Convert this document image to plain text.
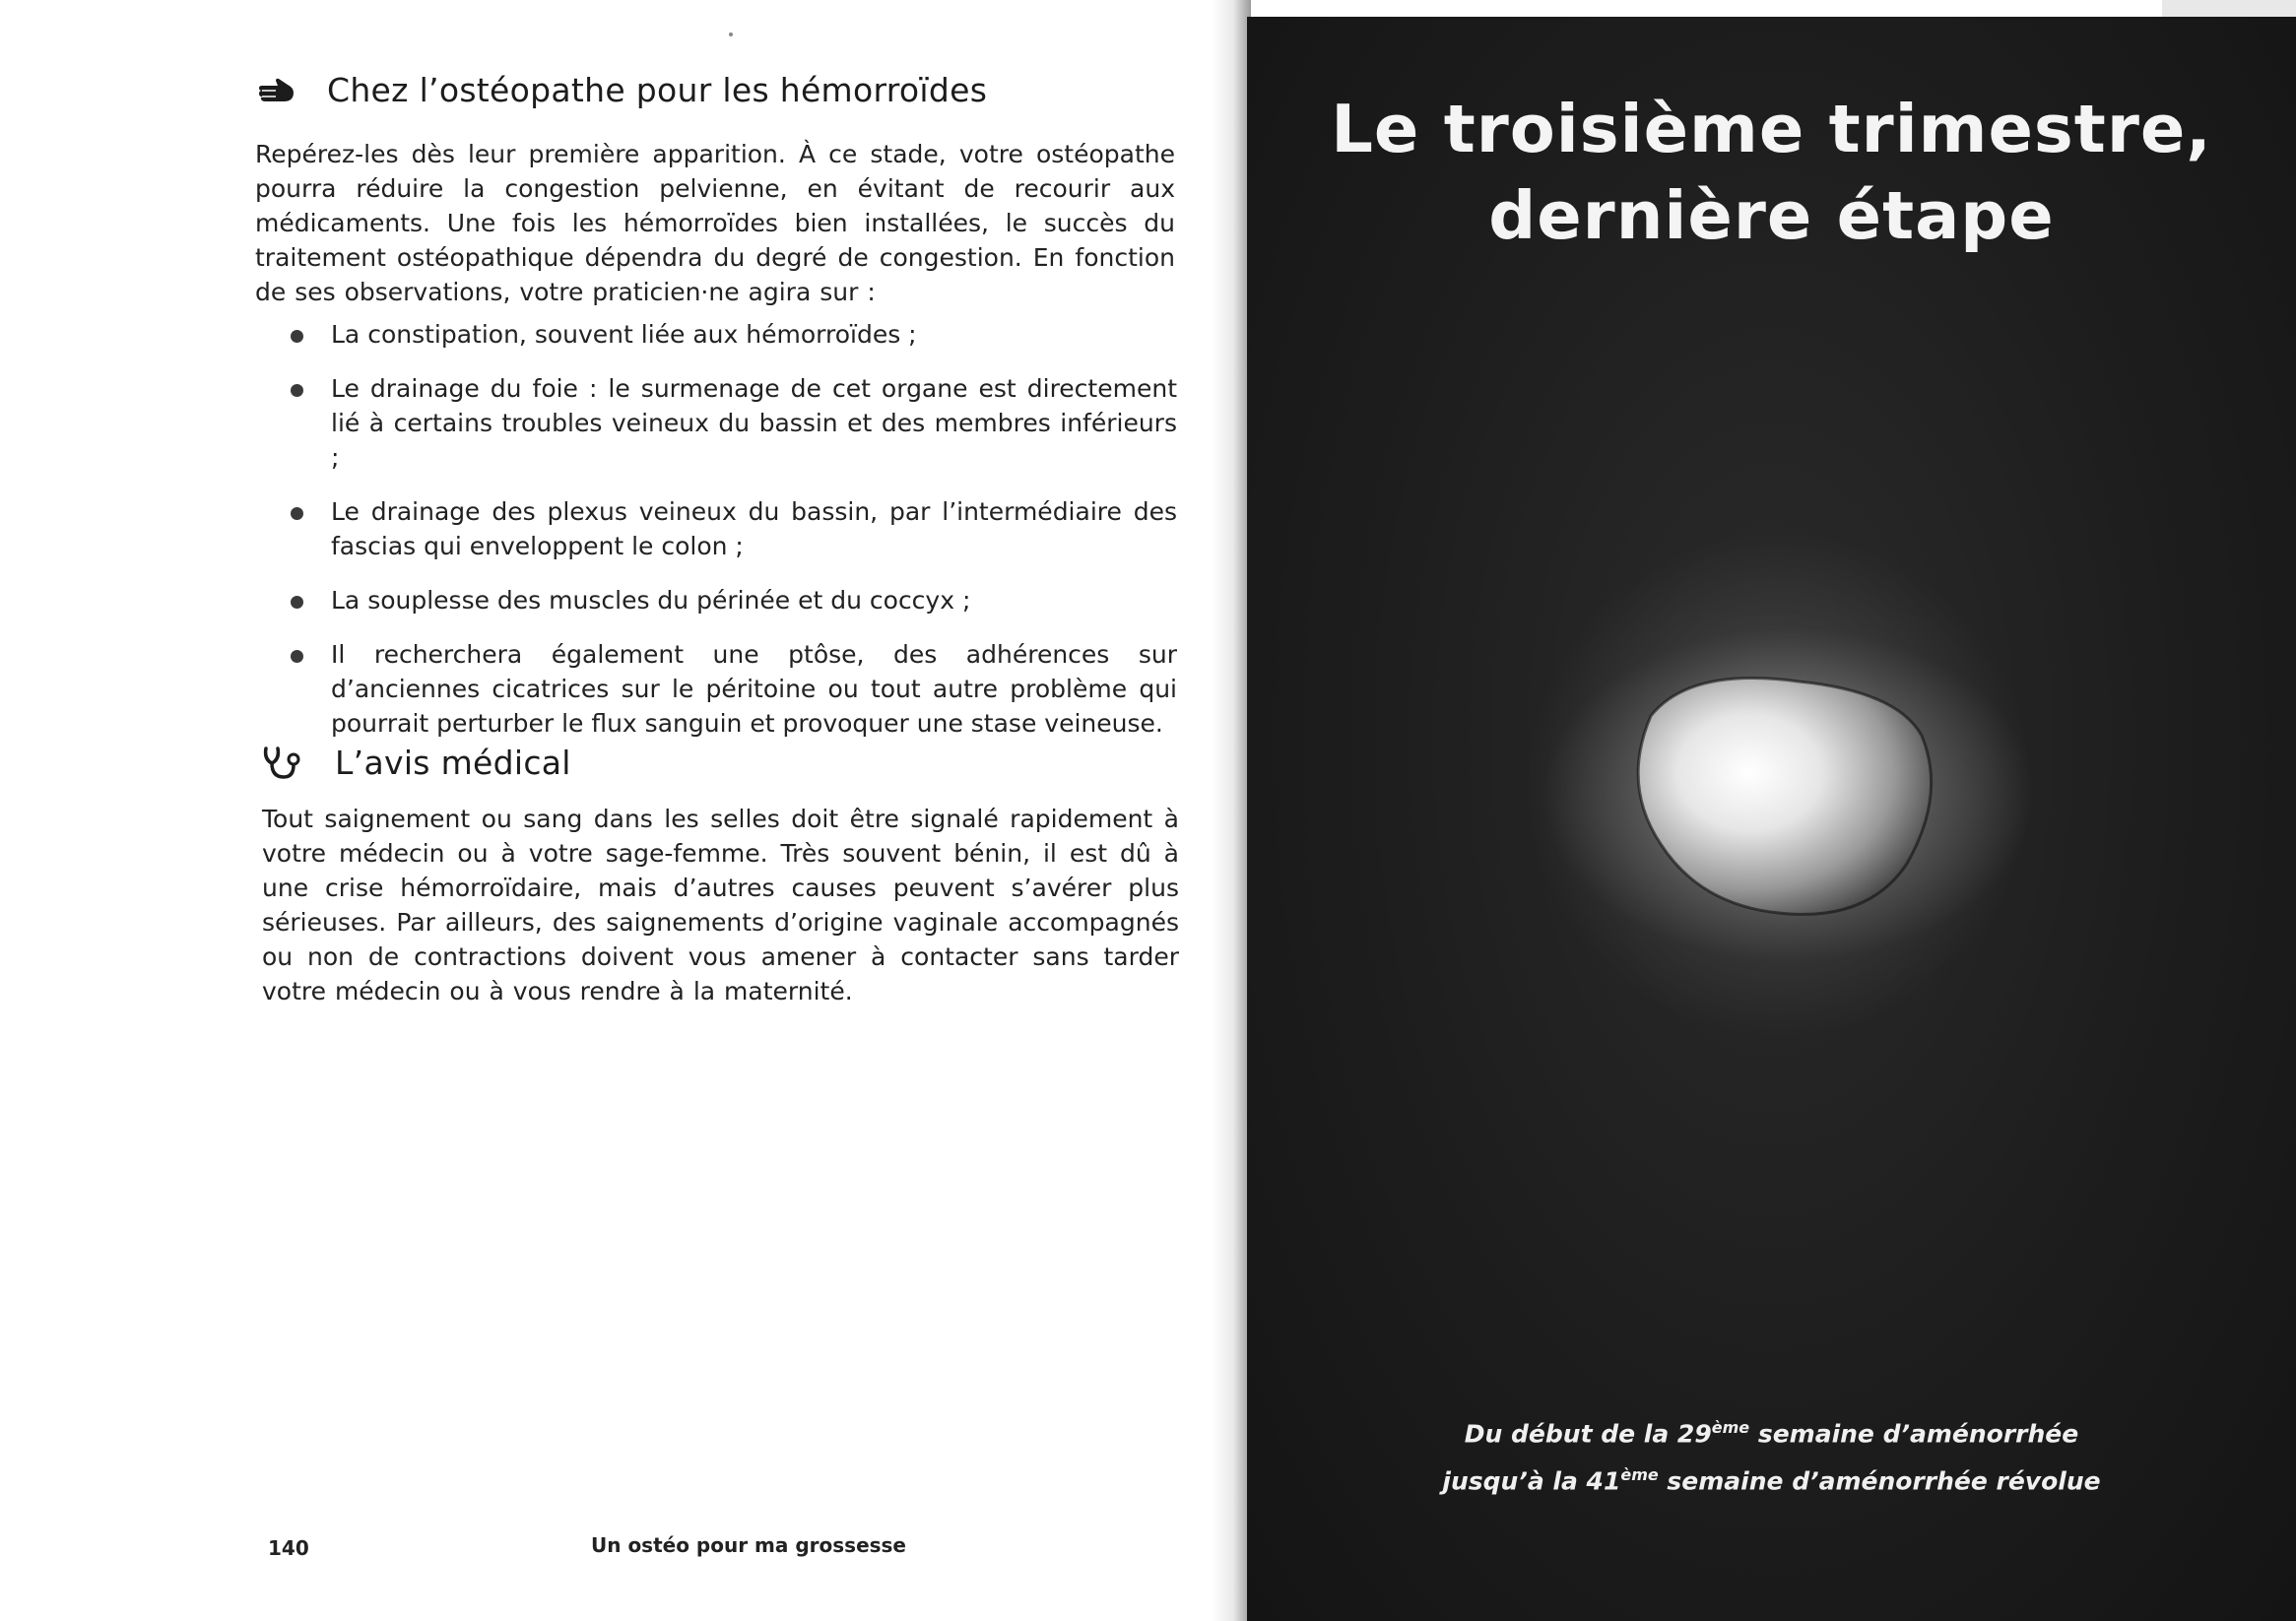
Chez l’ostéopathe pour les hémorroïdes
Repérez-les dès leur première apparition. À ce stade, votre ostéopathe pourra réduire la congestion pelvienne, en évitant de recourir aux médicaments. Une fois les hémorroïdes bien installées, le succès du traitement ostéopathique dépendra du degré de congestion. En fonction de ses observations, votre praticien·ne agira sur :
La constipation, souvent liée aux hémorroïdes ;
Le drainage du foie : le surmenage de cet organe est directement lié à certains troubles veineux du bassin et des membres inférieurs ;
Le drainage des plexus veineux du bassin, par l’intermédiaire des fascias qui enveloppent le colon ;
La souplesse des muscles du périnée et du coccyx ;
Il recherchera également une ptôse, des adhérences sur d’anciennes cicatrices sur le péritoine ou tout autre problème qui pourrait perturber le flux sanguin et provoquer une stase veineuse.
L’avis médical
Tout saignement ou sang dans les selles doit être signalé rapidement à votre médecin ou à votre sage-femme. Très souvent bénin, il est dû à une crise hémorroïdaire, mais d’autres causes peuvent s’avérer plus sérieuses. Par ailleurs, des saignements d’origine vaginale accompagnés ou non de contractions doivent vous amener à contacter sans tarder votre médecin ou à vous rendre à la maternité.
140	Un ostéo pour ma grossesse
Le troisième trimestre,
dernière étape
Du début de la 29ème semaine d’aménorrhée
jusqu’à la 41ème semaine d’aménorrhée révolue
